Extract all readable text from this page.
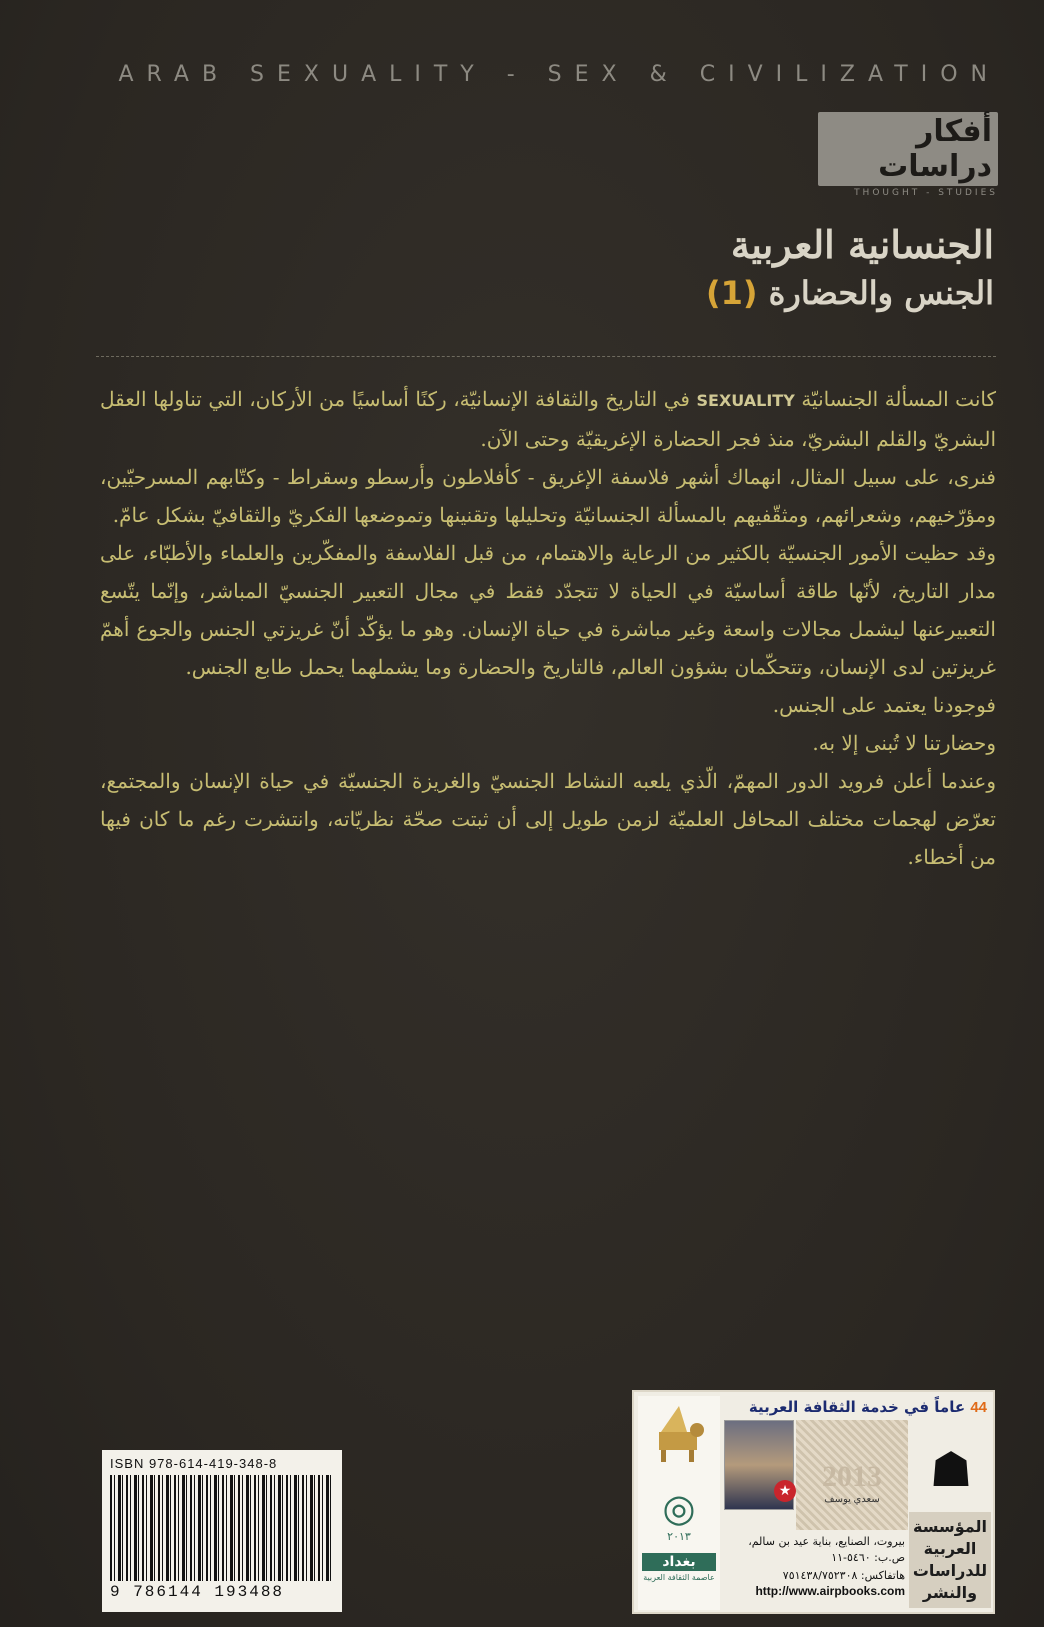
ARAB SEXUALITY - SEX & CIVILIZATION
أفكار دراسات
THOUGHT - STUDIES
الجنسانية العربية
الجنس والحضارة (1)

كانت المسألة الجنسانيّة SEXUALITY في التاريخ والثقافة الإنسانيّة، ركنًا أساسيًا من الأركان، التي تناولها العقل البشريّ والقلم البشريّ، منذ فجر الحضارة الإغريقيّة وحتى الآن.

فنرى، على سبيل المثال، انهماك أشهر فلاسفة الإغريق - كأفلاطون وأرسطو وسقراط - وكتّابهم المسرحيّين، ومؤرّخيهم، وشعرائهم، ومثقّفيهم بالمسألة الجنسانيّة وتحليلها وتقنينها وتموضعها الفكريّ والثقافيّ بشكل عامّ.

وقد حظيت الأمور الجنسيّة بالكثير من الرعاية والاهتمام، من قبل الفلاسفة والمفكّرين والعلماء والأطبّاء، على مدار التاريخ، لأنّها طاقة أساسيّة في الحياة لا تتجدّد فقط في مجال التعبير الجنسيّ المباشر، وإنّما يتّسع التعبيرعنها ليشمل مجالات واسعة وغير مباشرة في حياة الإنسان. وهو ما يؤكّد أنّ غريزتي الجنس والجوع أهمّ غريزتين لدى الإنسان، وتتحكّمان بشؤون العالم، فالتاريخ والحضارة وما يشملهما يحمل طابع الجنس.

فوجودنا يعتمد على الجنس.

وحضارتنا لا تُبنى إلا به.

وعندما أعلن فرويد الدور المهمّ، الّذي يلعبه النشاط الجنسيّ والغريزة الجنسيّة في حياة الإنسان والمجتمع، تعرّض لهجمات مختلف المحافل العلميّة لزمن طويل إلى أن ثبتت صحّة نظريّاته، وانتشرت رغم ما كان فيها من أخطاء.

ISBN 978-614-419-348-8
9 786144 193488
◎
٢٠١٣
بغداد
عاصمة الثقافة العربية
44 عاماً في خدمة الثقافة العربية
☗
2013
سعدي يوسف
★
بيروت، الصنايع، بناية عيد بن سالم، ص.ب: ٥٤٦٠-١١
هاتفاكس: ٧٥١٤٣٨/٧٥٢٣٠٨
http://www.airpbooks.com
المؤسسة العربية للدراسات والنشر
